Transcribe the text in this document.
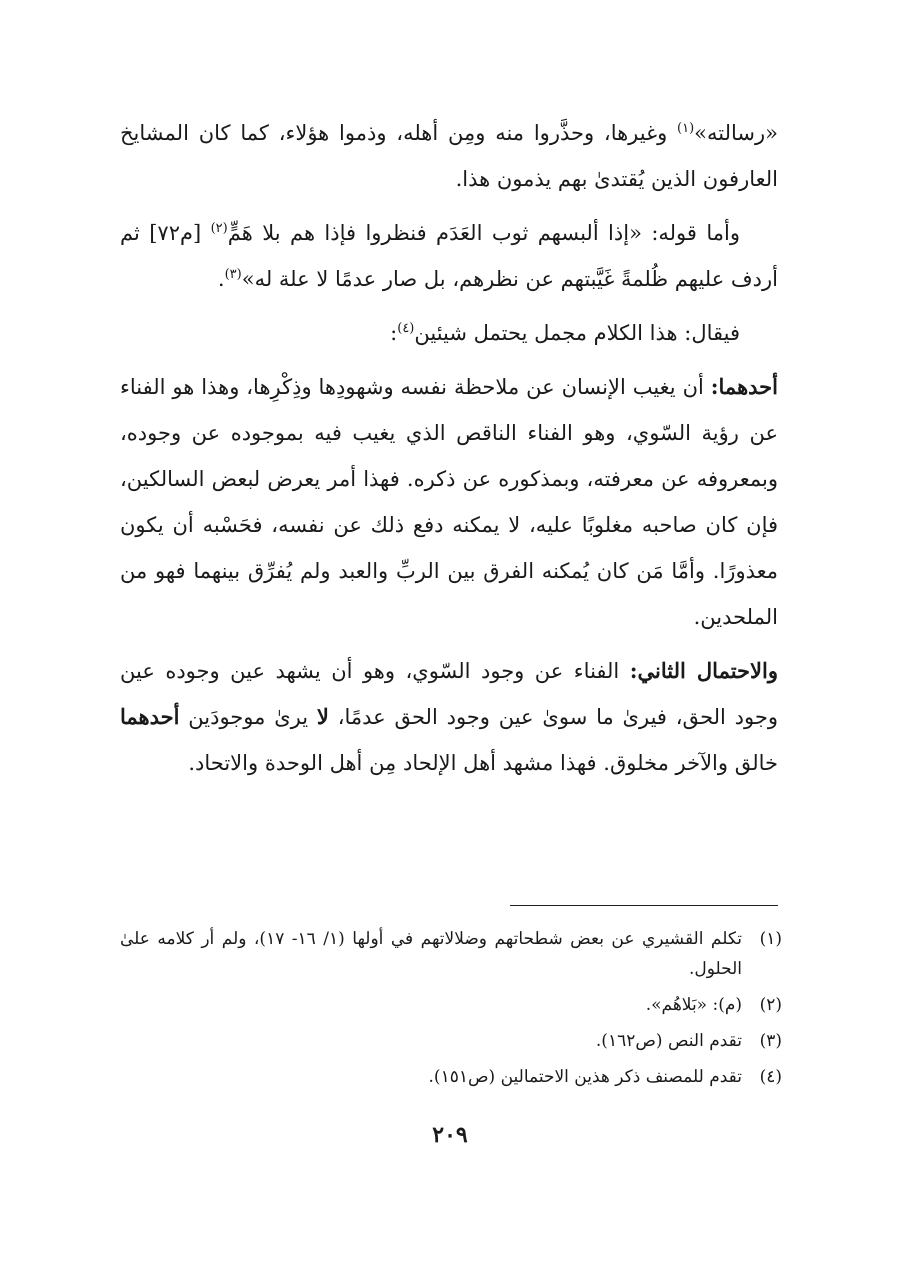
«رسالته»$^{(١)}$ وغيرها، وحذَّروا منه ومِن أهله، وذموا هؤلاء، كما كان المشايخ العارفون الذين يُقتدىٰ بهم يذمون هذا.

وأما قوله: «إذا ألبسهم ثوب العَدَم فنظروا فإذا هم بلا هَمٍّ$^{(٢)}$ [م٧٢] ثم أردف عليهم ظُلمةً غَيَّبتهم عن نظرهم، بل صار عدمًا لا علة له»$^{(٣)}$.

فيقال: هذا الكلام مجمل يحتمل شيئين$^{(٤)}$:

أحدهما: أن يغيب الإنسان عن ملاحظة نفسه وشهودِها وذِكْرِها، وهذا هو الفناء عن رؤية السّوي، وهو الفناء الناقص الذي يغيب فيه بموجوده عن وجوده، وبمعروفه عن معرفته، وبمذكوره عن ذكره. فهذا أمر يعرض لبعض السالكين، فإن كان صاحبه مغلوبًا عليه، لا يمكنه دفع ذلك عن نفسه، فحَسْبه أن يكون معذورًا. وأمَّا مَن كان يُمكنه الفرق بين الربِّ والعبد ولم يُفرِّق بينهما فهو من الملحدين.

والاحتمال الثاني: الفناء عن وجود السّوي، وهو أن يشهد عين وجوده عين وجود الحق، فيرىٰ ما سوىٰ عين وجود الحق عدمًا، لا يرىٰ موجودَين أحدهما خالق والآخر مخلوق. فهذا مشهد أهل الإلحاد مِن أهل الوحدة والاتحاد.

(١)
تكلم القشيري عن بعض شطحاتهم وضلالاتهم في أولها (١/ ١٦- ١٧)، ولم أر كلامه علىٰ الحلول.
(٢)
(م): «بَلاهُم».
(٣)
تقدم النص (ص١٦٢).
(٤)
تقدم للمصنف ذكر هذين الاحتمالين (ص١٥١).
٢٠٩
